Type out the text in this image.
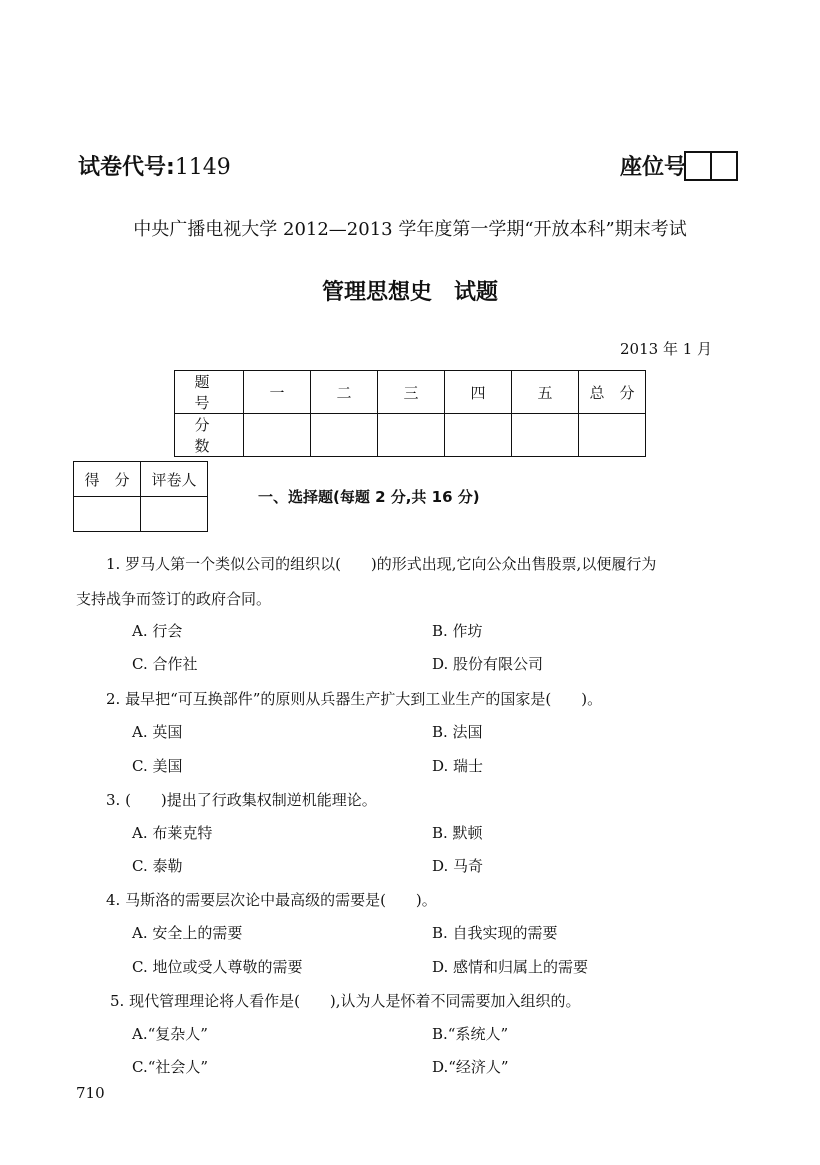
试卷代号:1149	座位号
中央广播电视大学 2012—2013 学年度第一学期“开放本科”期末考试
管理思想史　试题
2013 年 1 月
题　号	一	二	三	四	五	总　分
分　数						
得　分	评卷人

一、选择题(每题 2 分,共 16 分)
1. 罗马人第一个类似公司的组织以(　　)的形式出现,它向公众出售股票,以便履行为
支持战争而签订的政府合同。
A. 行会	B. 作坊
C. 合作社	D. 股份有限公司
2. 最早把“可互换部件”的原则从兵器生产扩大到工业生产的国家是(　　)。
A. 英国	B. 法国
C. 美国	D. 瑞士
3. (　　)提出了行政集权制逆机能理论。
A. 布莱克特	B. 默顿
C. 泰勒	D. 马奇
4. 马斯洛的需要层次论中最高级的需要是(　　)。
A. 安全上的需要	B. 自我实现的需要
C. 地位或受人尊敬的需要	D. 感情和归属上的需要
5. 现代管理理论将人看作是(　　),认为人是怀着不同需要加入组织的。
A.“复杂人”	B.“系统人”
C.“社会人”	D.“经济人”
710
